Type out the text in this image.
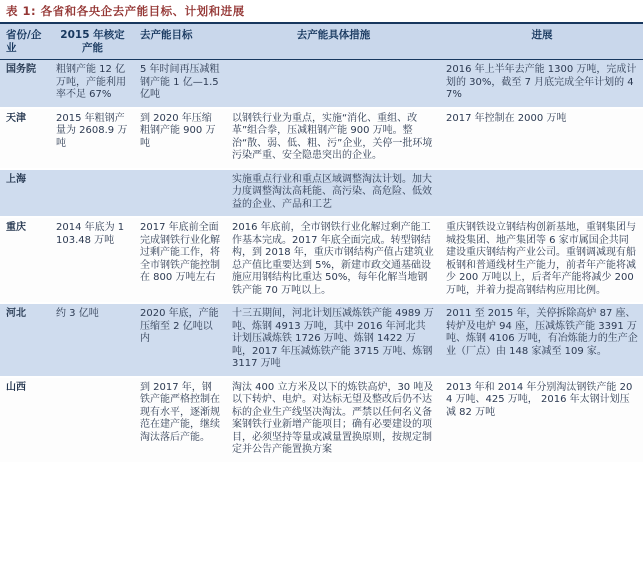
表 1: 各省和各央企去产能目标、计划和进展
省份/企业	2015 年核定产能	去产能目标	去产能具体措施	进展
国务院	粗钢产能 12 亿万吨，产能利用率不足 67%	5 年时间再压减粗钢产能 1 亿—1.5 亿吨		2016 年上半年去产能 1300 万吨，完成计划的 30%，截至 7 月底完成全年计划的 47%
天津	2015 年粗钢产量为 2608.9 万吨	到 2020 年压缩粗钢产能 900 万吨	以钢铁行业为重点，实施“消化、重组、改革”组合拳，压减粗钢产能 900 万吨。整治“散、弱、低、粗、污”企业，关停一批环境污染严重、安全隐患突出的企业。	2017 年控制在 2000 万吨
上海			实施重点行业和重点区域调整淘汰计划。加大力度调整淘汰高耗能、高污染、高危险、低效益的企业、产品和工艺	
重庆	2014 年底为 1103.48 万吨	2017 年底前全面完成钢铁行业化解过剩产能工作，将全市钢铁产能控制在 800 万吨左右	2016 年底前，全市钢铁行业化解过剩产能工作基本完成。2017 年底全面完成。转型钢结构，到 2018 年，重庆市钢结构产值占建筑业总产值比重要达到 5%，新建市政交通基础设施应用钢结构比重达 50%，每年化解当地钢铁产能 70 万吨以上。	重庆钢铁设立钢结构创新基地，重钢集团与城投集团、地产集团等 6 家市属国企共同建设重庆钢结构产业公司。重钢调减现有船板钢和普通线材生产能力，前者年产能将减少 200 万吨以上，后者年产能将减少 200 万吨，并着力提高钢结构应用比例。
河北	约 3 亿吨	2020 年底，产能压缩至 2 亿吨以内	十三五期间，河北计划压减炼铁产能 4989 万吨、炼钢 4913 万吨，其中 2016 年河北共计划压减炼铁 1726 万吨、炼钢 1422 万吨，2017 年压减炼铁产能 3715 万吨、炼钢 3117 万吨	2011 至 2015 年，关停拆除高炉 87 座、转炉及电炉 94 座，压减炼铁产能 3391 万吨、炼钢 4106 万吨，有冶炼能力的生产企业（厂点）由 148 家减至 109 家。
山西		到 2017 年，钢铁产能严格控制在现有水平，逐渐规范在建产能，继续淘汰落后产能。	淘汰 400 立方米及以下的炼铁高炉，30 吨及以下转炉、电炉。对达标无望及整改后仍不达标的企业生产线坚决淘汰。严禁以任何名义备案钢铁行业新增产能项目；确有必要建设的项目，必须坚持等量或减量置换原则，按规定制定并公告产能置换方案	2013 年和 2014 年分别淘汰钢铁产能 204 万吨、425 万吨， 2016 年太钢计划压减 82 万吨
